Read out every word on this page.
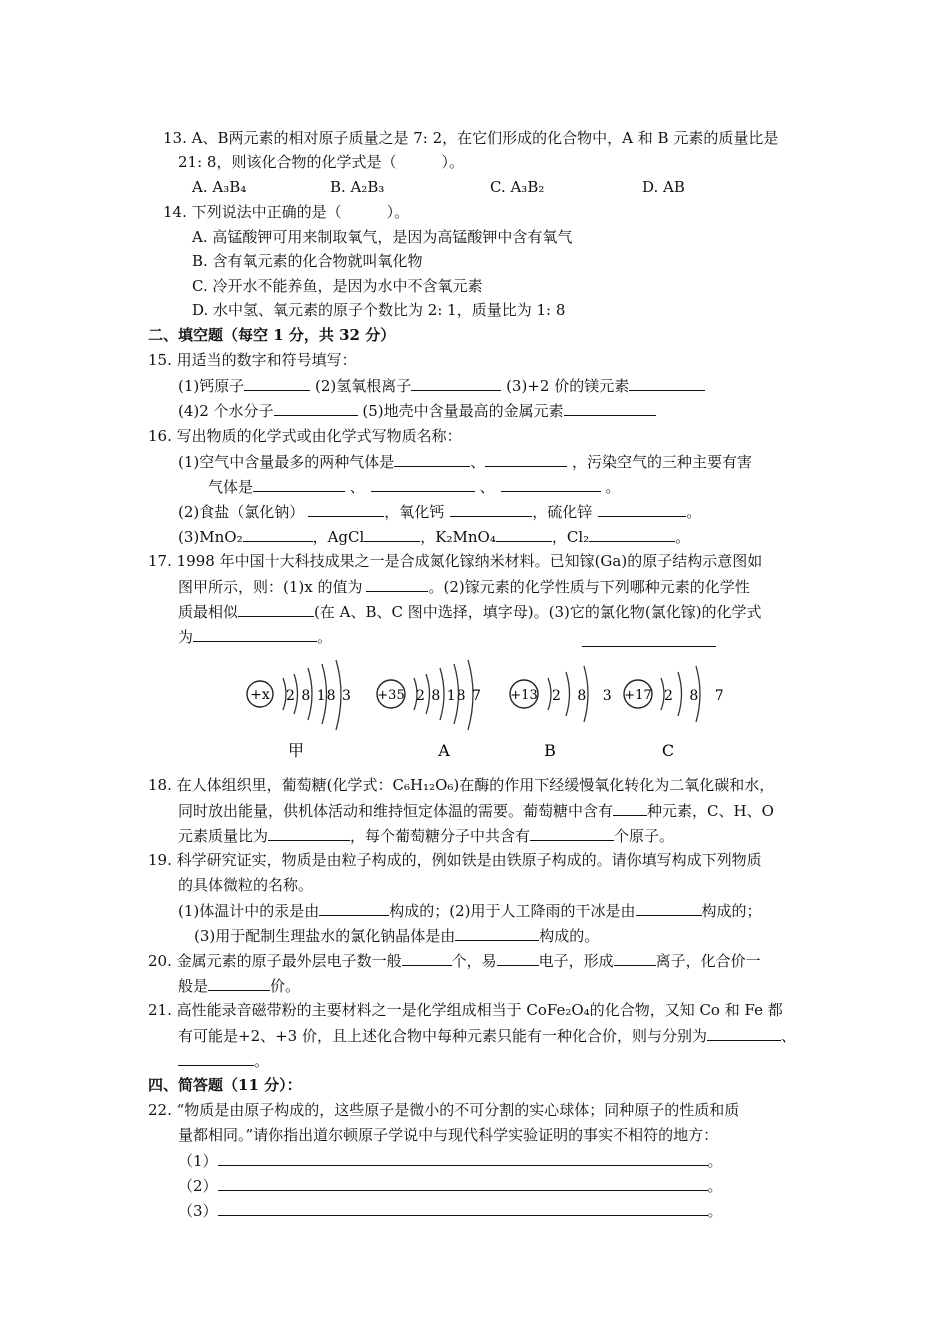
13. A、B两元素的相对原子质量之是 7: 2，在它们形成的化合物中，A 和 B 元素的质量比是
21: 8，则该化合物的化学式是（　　　）。
A. A₃B₄	B. A₂B₃	C. A₃B₂	D. AB
14. 下列说法中正确的是（　　　）。
A. 高锰酸钾可用来制取氧气，是因为高锰酸钾中含有氧气
B. 含有氧元素的化合物就叫氧化物
C. 冷开水不能养鱼，是因为水中不含氧元素
D. 水中氢、氧元素的原子个数比为 2: 1，质量比为 1: 8
二、填空题（每空 1 分，共 32 分）
15. 用适当的数字和符号填写：
(1)钙原子	(2)氢氧根离子	(3)+2 价的镁元素
(4)2 个水分子	(5)地壳中含量最高的金属元素
16. 写出物质的化学式或由化学式写物质名称：
(1)空气中含量最多的两种气体是	、	，污染空气的三种主要有害
气体是	、	、	。
(2)食盐（氯化钠）	，氧化钙	，硫化锌	。
(3)MnO₂	，AgCl	，K₂MnO₄	，Cl₂	。
17. 1998 年中国十大科技成果之一是合成氮化镓纳米材料。已知镓(Ga)的原子结构示意图如
图甲所示，则：(1)x 的值为	。(2)镓元素的化学性质与下列哪种元素的化学性
质最相似	(在 A、B、C 图中选择，填字母)。(3)它的氯化物(氯化镓)的化学式
为	。
+x 2 8 18 3
甲
+35 2 8 18 7
A
+13 2 8 3
B
+17 2 8 7
C
18. 在人体组织里，葡萄糖(化学式：C₆H₁₂O₆)在酶的作用下经缓慢氧化转化为二氧化碳和水，
同时放出能量，供机体活动和维持恒定体温的需要。葡萄糖中含有 种元素，C、H、O
元素质量比为	，每个葡萄糖分子中共含有	个原子。
19. 科学研究证实，物质是由粒子构成的，例如铁是由铁原子构成的。请你填写构成下列物质
的具体微粒的名称。
(1)体温计中的汞是由	构成的；(2)用于人工降雨的干冰是由	构成的；
(3)用于配制生理盐水的氯化钠晶体是由	构成的。
20. 金属元素的原子最外层电子数一般	个，易	电子，形成	离子，化合价一
般是	价。
21. 高性能录音磁带粉的主要材料之一是化学组成相当于 CoFe₂O₄的化合物，又知 Co 和 Fe 都
有可能是+2、+3 价，且上述化合物中每种元素只能有一种化合价，则与分别为	、
。
四、简答题（11 分）：
22. “物质是由原子构成的，这些原子是微小的不可分割的实心球体；同种原子的性质和质
量都相同。”请你指出道尔顿原子学说中与现代科学实验证明的事实不相符的地方：
（1）	。
（2）	。
（3）	。
